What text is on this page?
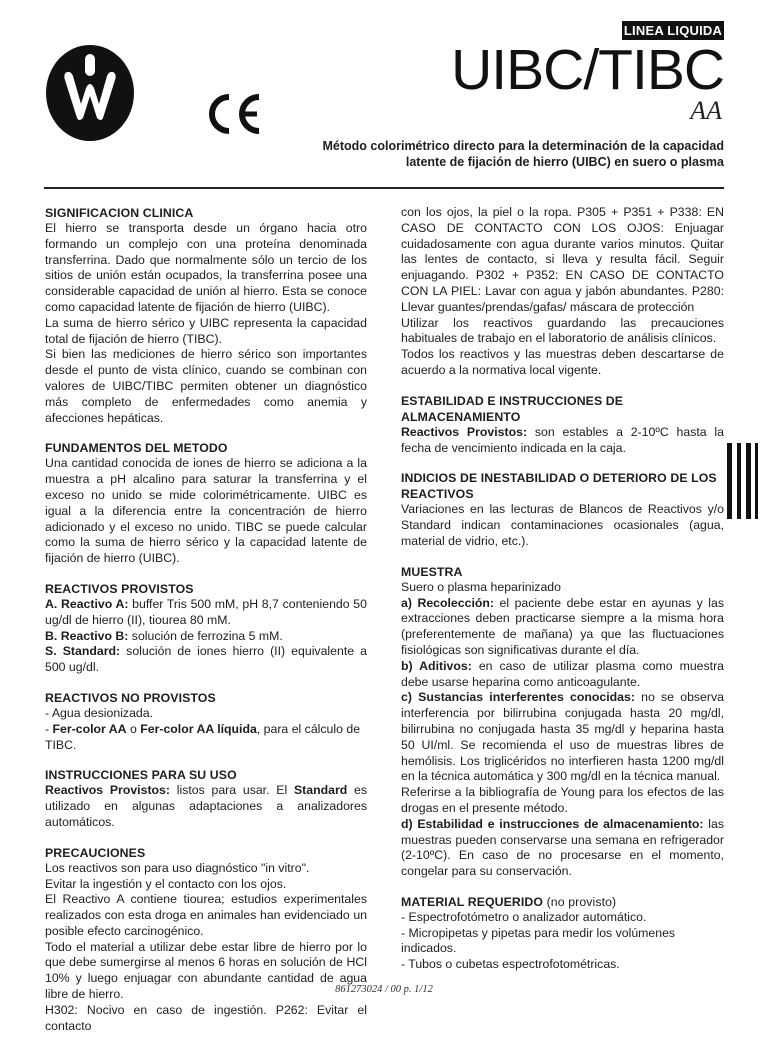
LINEA LIQUIDA
UIBC/TIBC
AA
Método colorimétrico directo para la determinación de la capacidad
latente de fijación de hierro (UIBC) en suero o plasma
SIGNIFICACION CLINICA

El hierro se transporta desde un órgano hacia otro formando un complejo con una proteína denominada transferrina. Dado que normalmente sólo un tercio de los sitios de unión están ocupados, la transferrina posee una considerable capacidad de unión al hierro. Esta se conoce como capacidad latente de fijación de hierro (UIBC).

La suma de hierro sérico y UIBC representa la capacidad total de fijación de hierro (TIBC).

Si bien las mediciones de hierro sérico son importantes desde el punto de vista clínico, cuando se combinan con valores de UIBC/TIBC permiten obtener un diagnóstico más completo de enfermedades como anemia y afecciones hepáticas.

FUNDAMENTOS DEL METODO

Una cantidad conocida de iones de hierro se adiciona a la muestra a pH alcalino para saturar la transferrina y el exceso no unido se mide colorimétricamente. UIBC es igual a la diferencia entre la concentración de hierro adicionado y el exceso no unido. TIBC se puede calcular como la suma de hierro sérico y la capacidad latente de fijación de hierro (UIBC).

REACTIVOS PROVISTOS

A. Reactivo A: buffer Tris 500 mM, pH 8,7 conteniendo 50 ug/dl de hierro (II), tiourea 80 mM.

B. Reactivo B: solución de ferrozina 5 mM.

S. Standard: solución de iones hierro (II) equivalente a 500 ug/dl.

REACTIVOS NO PROVISTOS

- Agua desionizada.

- Fer-color AA o Fer-color AA líquida, para el cálculo de TIBC.

INSTRUCCIONES PARA SU USO

Reactivos Provistos: listos para usar. El Standard es utilizado en algunas adaptaciones a analizadores automáticos.

PRECAUCIONES

Los reactivos son para uso diagnóstico "in vitro".

Evitar la ingestión y el contacto con los ojos.

El Reactivo A contiene tiourea; estudios experimentales realizados con esta droga en animales han evidenciado un posible efecto carcinogénico.

Todo el material a utilizar debe estar libre de hierro por lo que debe sumergirse al menos 6 horas en solución de HCl 10% y luego enjuagar con abundante cantidad de agua libre de hierro.

H302: Nocivo en caso de ingestión. P262: Evitar el contacto

con los ojos, la piel o la ropa. P305 + P351 + P338: EN CASO DE CONTACTO CON LOS OJOS: Enjuagar cuidadosamente con agua durante varios minutos. Quitar las lentes de contacto, si lleva y resulta fácil. Seguir enjuagando. P302 + P352: EN CASO DE CONTACTO CON LA PIEL: Lavar con agua y jabón abundantes. P280: Llevar guantes/prendas/gafas/ máscara de protección

Utilizar los reactivos guardando las precauciones habituales de trabajo en el laboratorio de análisis clínicos.

Todos los reactivos y las muestras deben descartarse de acuerdo a la normativa local vigente.

ESTABILIDAD E INSTRUCCIONES DE
ALMACENAMIENTO

Reactivos Provistos: son estables a 2-10ºC hasta la fecha de vencimiento indicada en la caja.

INDICIOS DE INESTABILIDAD O DETERIORO DE LOS
REACTIVOS

Variaciones en las lecturas de Blancos de Reactivos y/o Standard indican contaminaciones ocasionales (agua, material de vidrio, etc.).

MUESTRA

Suero o plasma heparinizado

a) Recolección: el paciente debe estar en ayunas y las extracciones deben practicarse siempre a la misma hora (preferentemente de mañana) ya que las fluctuaciones fisiológicas son significativas durante el día.

b) Aditivos: en caso de utilizar plasma como muestra debe usarse heparina como anticoagulante.

c) Sustancias interferentes conocidas: no se observa interferencia por bilirrubina conjugada hasta 20 mg/dl, bilirrubina no conjugada hasta 35 mg/dl y heparina hasta 50 UI/ml. Se recomienda el uso de muestras libres de hemólisis. Los triglicéridos no interfieren hasta 1200 mg/dl en la técnica automática y 300 mg/dl en la técnica manual.

Referirse a la bibliografía de Young para los efectos de las drogas en el presente método.

d) Estabilidad e instrucciones de almacenamiento: las muestras pueden conservarse una semana en refrigerador (2-10ºC). En caso de no procesarse en el momento, congelar para su conservación.

MATERIAL REQUERIDO (no provisto)

- Espectrofotómetro o analizador automático.

- Micropipetas y pipetas para medir los volúmenes indicados.

- Tubos o cubetas espectrofotométricas.

861273024 / 00 p. 1/12
